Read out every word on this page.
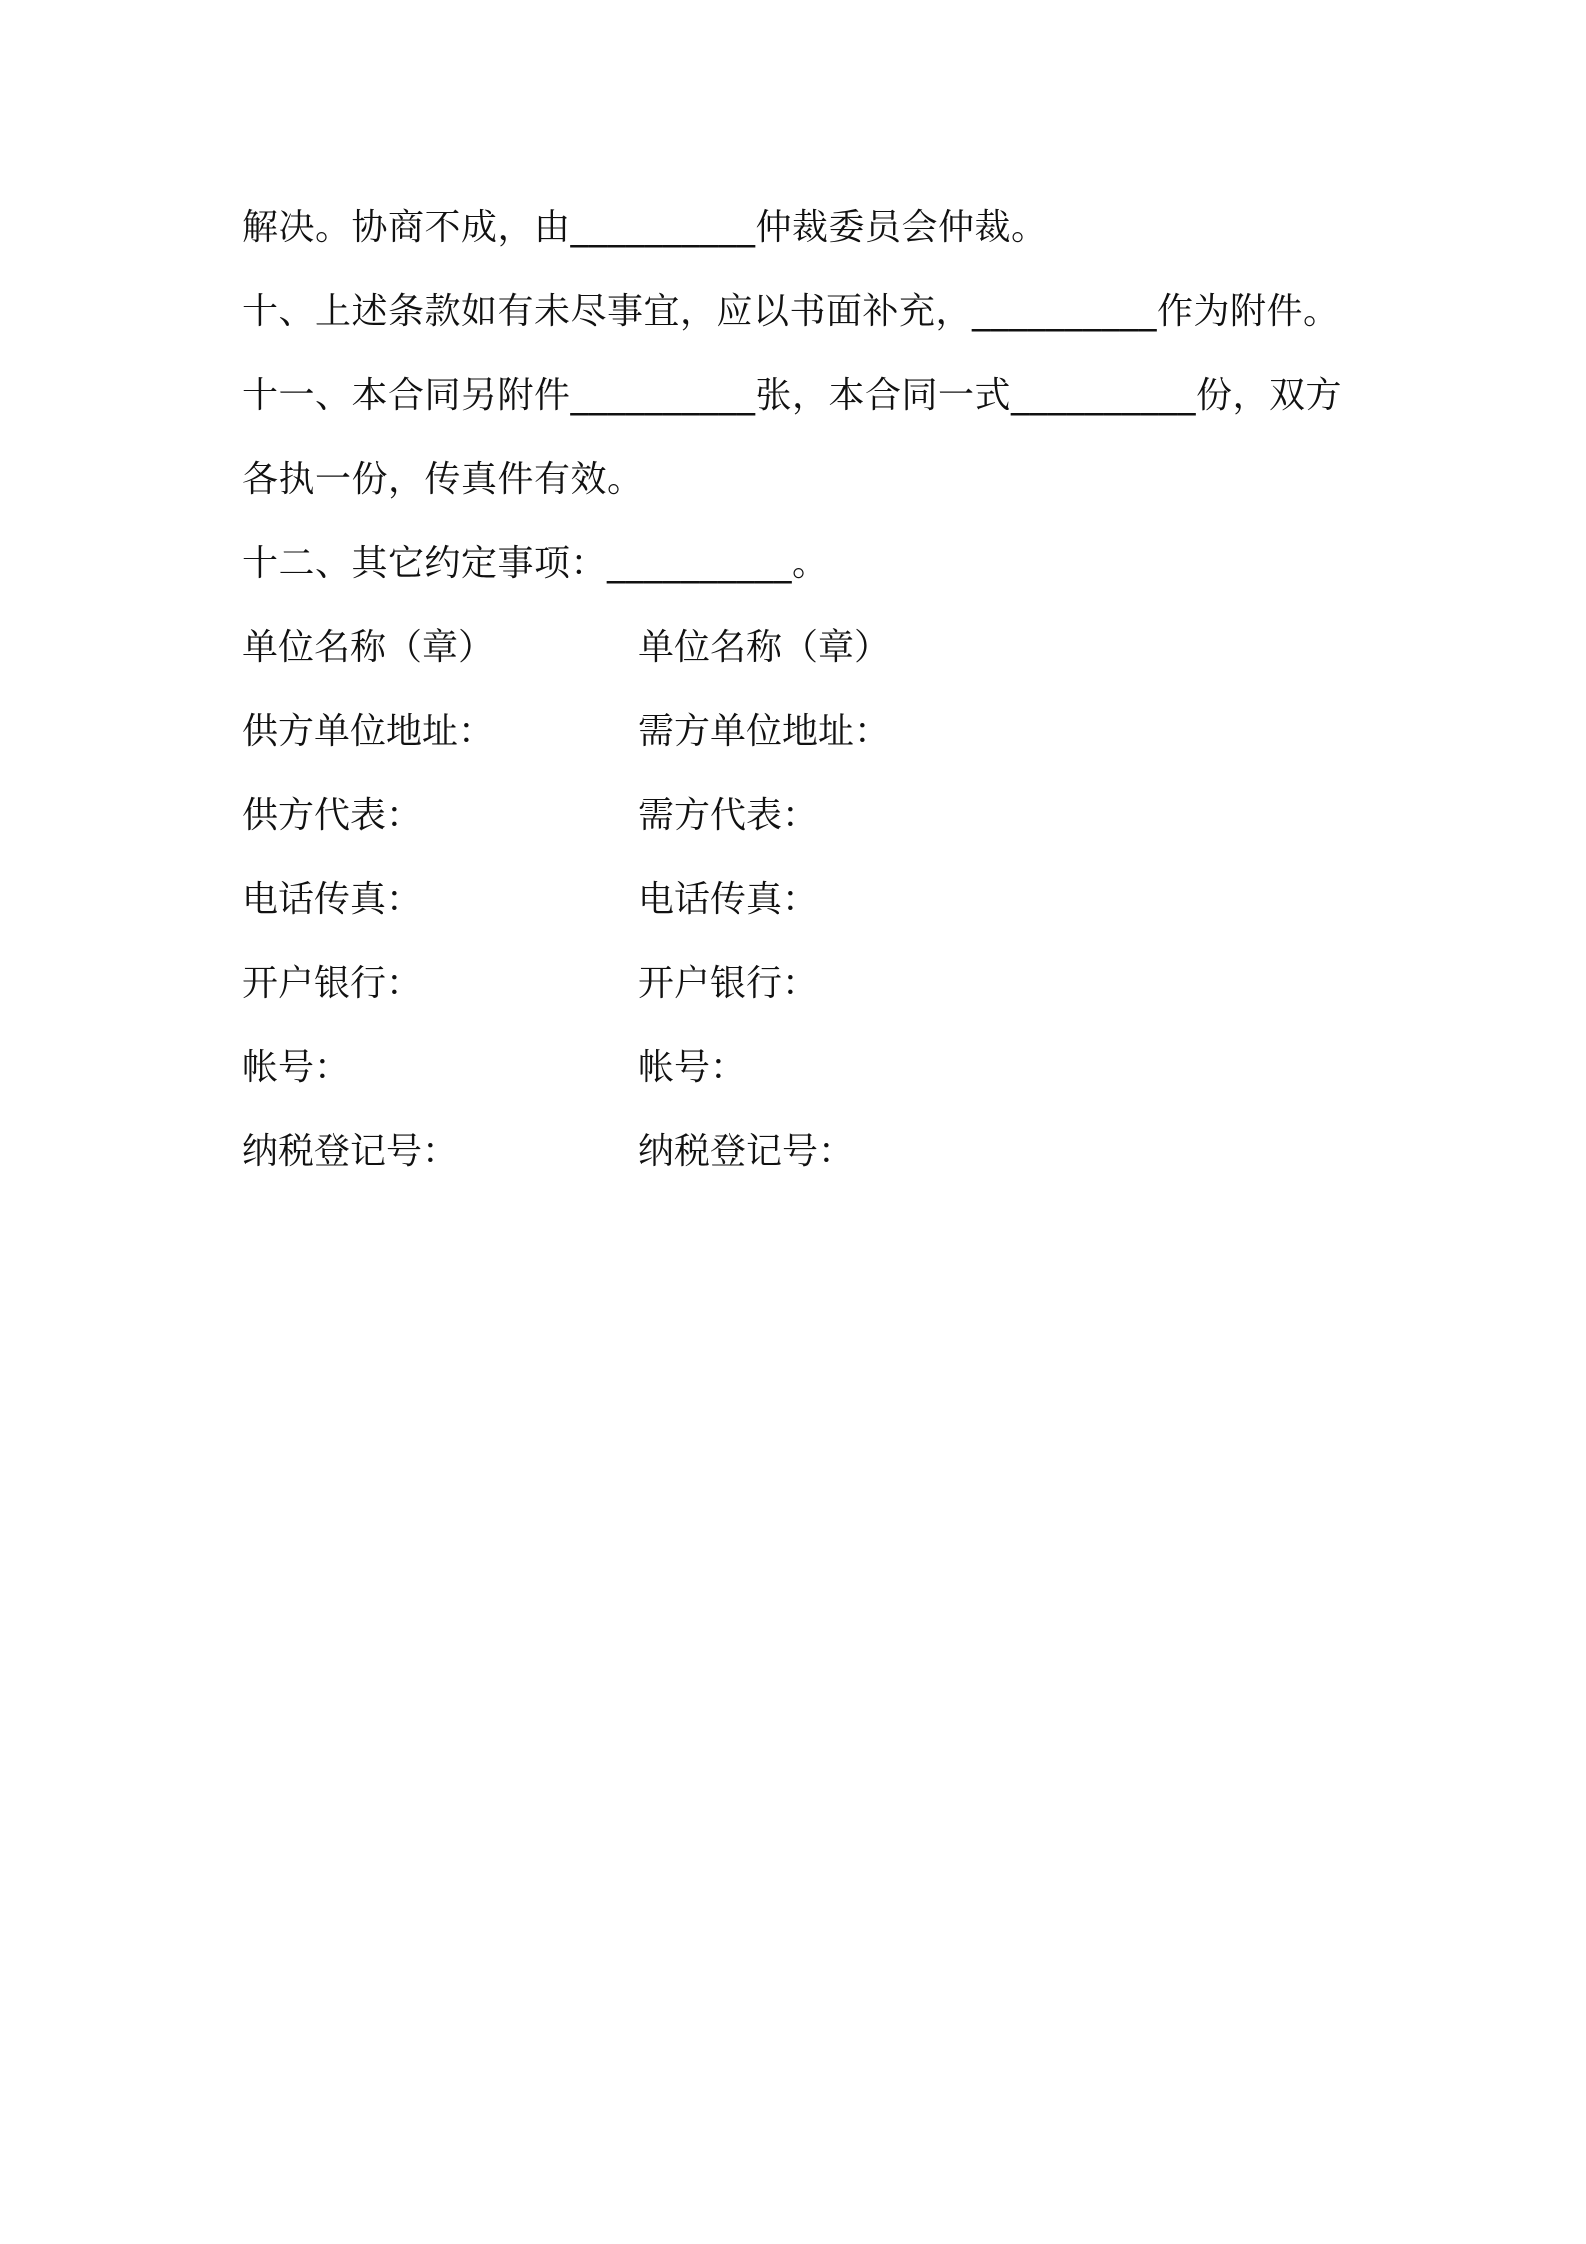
解决。协商不成，由__________仲裁委员会仲裁。
十、上述条款如有未尽事宜，应以书面补充，__________作为附件。
十一、本合同另附件__________张，本合同一式__________份，双方
各执一份，传真件有效。
十二、其它约定事项：__________。
单位名称（章）	单位名称（章）
供方单位地址：	需方单位地址：
供方代表：	需方代表：
电话传真：	电话传真：
开户银行：	开户银行：
帐号：	帐号：
纳税登记号：	纳税登记号：
